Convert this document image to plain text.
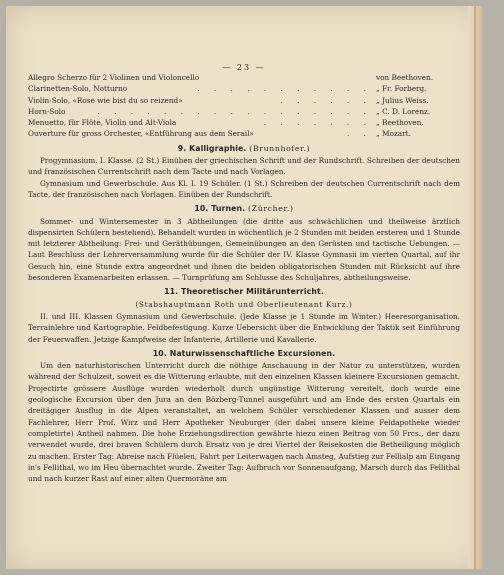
— 23 —
Allegro Scherzo für 2 Violinen und Violoncello	von Beethoven.
Clarinetten-Solo, Notturno	. . . . . . . . . . . „ Fr. Forberg.
Violin-Solo, «Rose wie bist du so reizend»	. . . . . . „ Julius Weiss.
Horn-Solo	. . . . . . . . . . . . . . . . . „ C. D. Lorenz.
Menuetto, für Flöte, Violin und Alt-Viola	. . . . . . . „ Beethoven.
Ouverture für gross Orchester, «Entführung aus dem Serail»	. . „ Mozart.
9. Kalligraphie. (Brunnhofer.)

Progymnasium. I. Klasse. (2 St.) Einüben der griechischen Schrift und der Rundschrift. Schreiben der deutschen und französischen Currentschrift nach dem Tacte und nach Vorlagen.

Gymnasium und Gewerbschule. Aus Kl. I. 19 Schüler. (1 St.) Schreiben der deutschen Currentschrift nach dem Tacte, der französischen nach Vorlagen. Einüben der Rundschrift.

10. Turnen. (Zürcher.)

Sommer- und Wintersemester in 3 Abtheilungen (die dritte aus schwächlichen und theilweise ärztlich dispensirten Schülern bestehend). Behandelt wurden in wöchentlich je 2 Stunden mit beiden ersteren und 1 Stunde mit letzterer Abtheilung: Frei- und Geräthübungen, Gemeinübungen an den Gerüsten und tactische Uebungen. — Laut Beschluss der Lehrerversammlung wurde für die Schüler der IV. Klasse Gymnasii im vierten Quartal, auf ihr Gesuch hin, eine Stunde extra angeordnet und ihnen die beiden obligatorischen Stunden mit Rücksicht auf ihre besonderen Examenarbeiten erlassen. — Turnprüfung am Schlusse des Schuljahres, abtheilungsweise.

11. Theoretischer Militärunterricht.
(Stabshauptmann Roth und Oberlieutenant Kurz.)

II. und III. Klassen Gymnasium und Gewerbschule. (Jede Klasse je 1 Stunde im Winter.) Heeresorganisation. Terrainlehre und Kartographie. Feldbefestigung. Kurze Uebersicht über die Entwicklung der Taktik seit Einführung der Feuerwaffen. Jetzige Kampfweise der Infanterie, Artillerie und Kavallerie.

10. Naturwissenschaftliche Excursionen.

Um den naturhistorischen Unterricht durch die nöthige Anschauung in der Natur zu unterstützen, wurden während der Schulzeit, soweit es die Witterung erlaubte, mit den einzelnen Klassen kleinere Excursionen gemacht. Projectirte grössere Ausflüge wurden wiederholt durch ungünstige Witterung vereitelt, doch wurde eine geologische Excursion über den Jura an den Bözberg-Tunnel ausgeführt und am Ende des ersten Quartals ein dreitägiger Ausflug in die Alpen veranstaltet, an welchem Schüler verschiedener Klassen und ausser dem Fachlehrer, Herr Prof. Wirz und Herr Apotheker Neuburger (der dabei unsere kleine Feldapotheke wieder completirte) Antheil nahmen. Die hohe Erziehungsdirection gewährte hiezu einen Beitrag von 50 Frcs., der dazu verwendet wurde, drei braven Schülern durch Ersatz von je drei Viertel der Reisekosten die Betheiligung möglich zu machen. Erster Tag: Abreise nach Flüelen, Fahrt per Leiterwagen nach Amsteg, Aufstieg zur Fellialp am Eingang in's Fellithal, wo im Heu übernachtet wurde. Zweiter Tag: Aufbruch vor Sonnenaufgang, Marsch durch das Fellithal und nach kurzer Rast auf einer alten Quermoräne am
